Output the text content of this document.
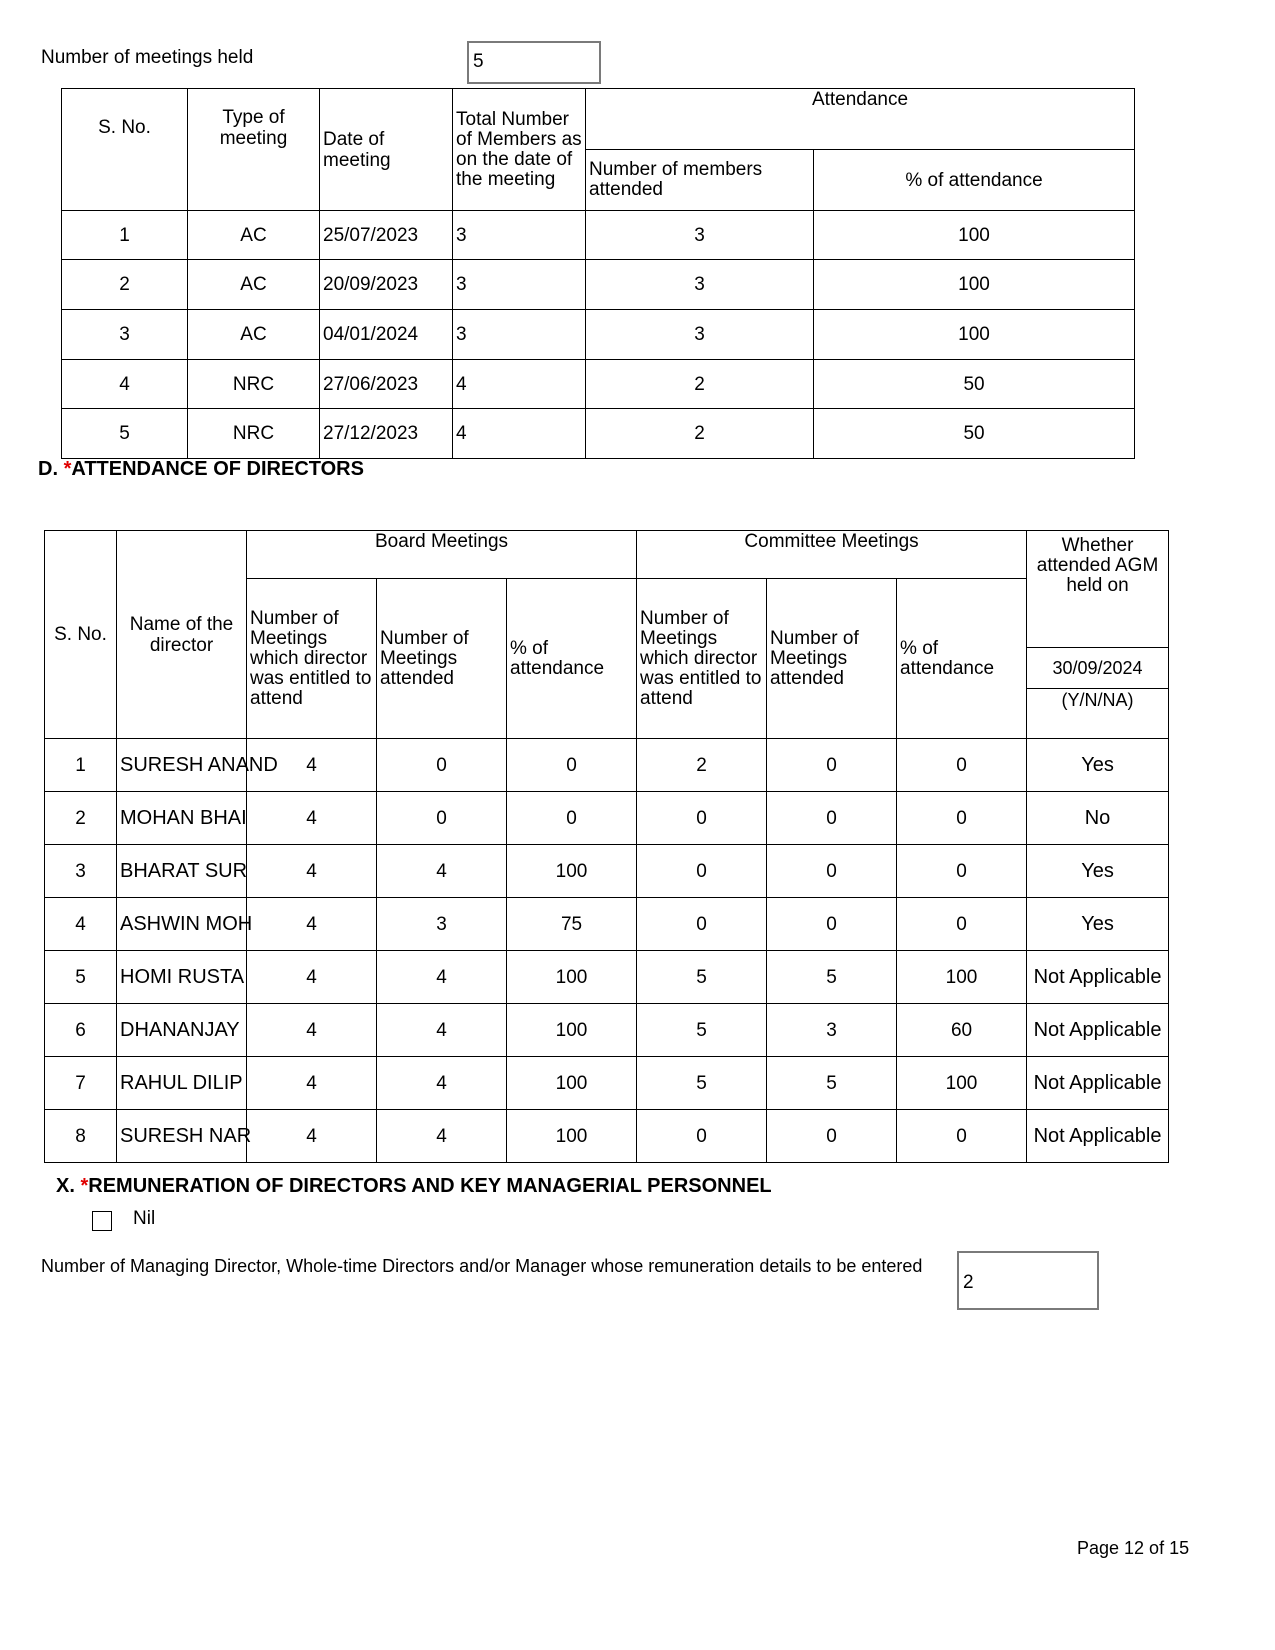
Number of meetings held	5
S. No.	Type of meeting	Date of meeting	Total Number of Members as on the date of the meeting	Attendance	
				Number of members attended	% of attendance
1	AC	25/07/2023	3	3	100
2	AC	20/09/2023	3	3	100
3	AC	04/01/2024	3	3	100
4	NRC	27/06/2023	4	2	50
5	NRC	27/12/2023	4	2	50
D. *ATTENDANCE OF DIRECTORS
S. No.	Name of the director	Board Meetings			Committee Meetings			Whether attended AGM held on
		Number of Meetings which director was entitled to attend	Number of Meetings attended	% of attendance	Number of Meetings which director was entitled to attend	Number of Meetings attended	% of attendance	

								30/09/2024
(Y/N/NA)

1	SURESH ANAND	4	0	0	2	0	0	Yes
2	MOHAN BHAI	4	0	0	0	0	0	No
3	BHARAT SUR	4	4	100	0	0	0	Yes
4	ASHWIN MOH	4	3	75	0	0	0	Yes
5	HOMI RUSTA	4	4	100	5	5	100	Not Applicable
6	DHANANJAY	4	4	100	5	3	60	Not Applicable
7	RAHUL DILIP	4	4	100	5	5	100	Not Applicable
8	SURESH NAR	4	4	100	0	0	0	Not Applicable
X. *REMUNERATION OF DIRECTORS AND KEY MANAGERIAL PERSONNEL
Nil
Number of Managing Director, Whole-time Directors and/or Manager whose remuneration details to be entered
2
Page 12 of 15
